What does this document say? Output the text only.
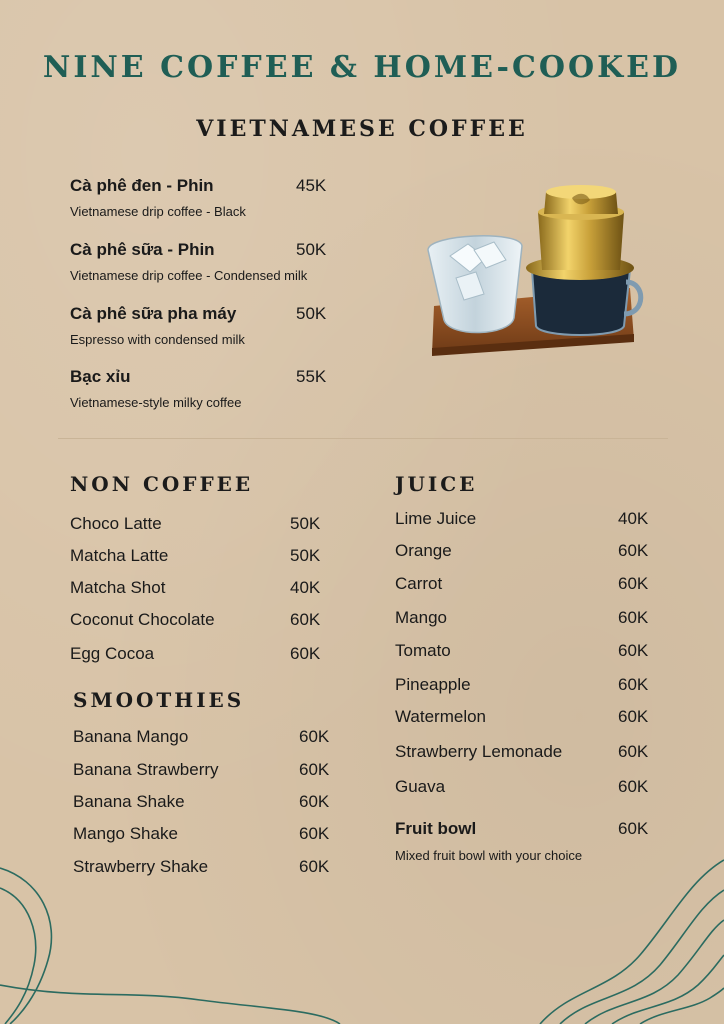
NINE COFFEE & HOME-COOKED
VIETNAMESE COFFEE
Cà phê đen - Phin	45K
Vietnamese drip coffee - Black
Cà phê sữa - Phin	50K
Vietnamese drip coffee - Condensed milk
Cà phê sữa pha máy	50K
Espresso with condensed milk
Bạc xỉu	55K
Vietnamese-style milky coffee
NON COFFEE
Choco Latte	50K
Matcha Latte	50K
Matcha Shot	40K
Coconut Chocolate	60K
Egg Cocoa	60K
SMOOTHIES
Banana Mango	60K
Banana Strawberry	60K
Banana Shake	60K
Mango Shake	60K
Strawberry Shake	60K
JUICE
Lime Juice	40K
Orange	60K
Carrot	60K
Mango	60K
Tomato	60K
Pineapple	60K
Watermelon	60K
Strawberry Lemonade	60K
Guava	60K
Fruit bowl	60K
Mixed fruit bowl with your choice
